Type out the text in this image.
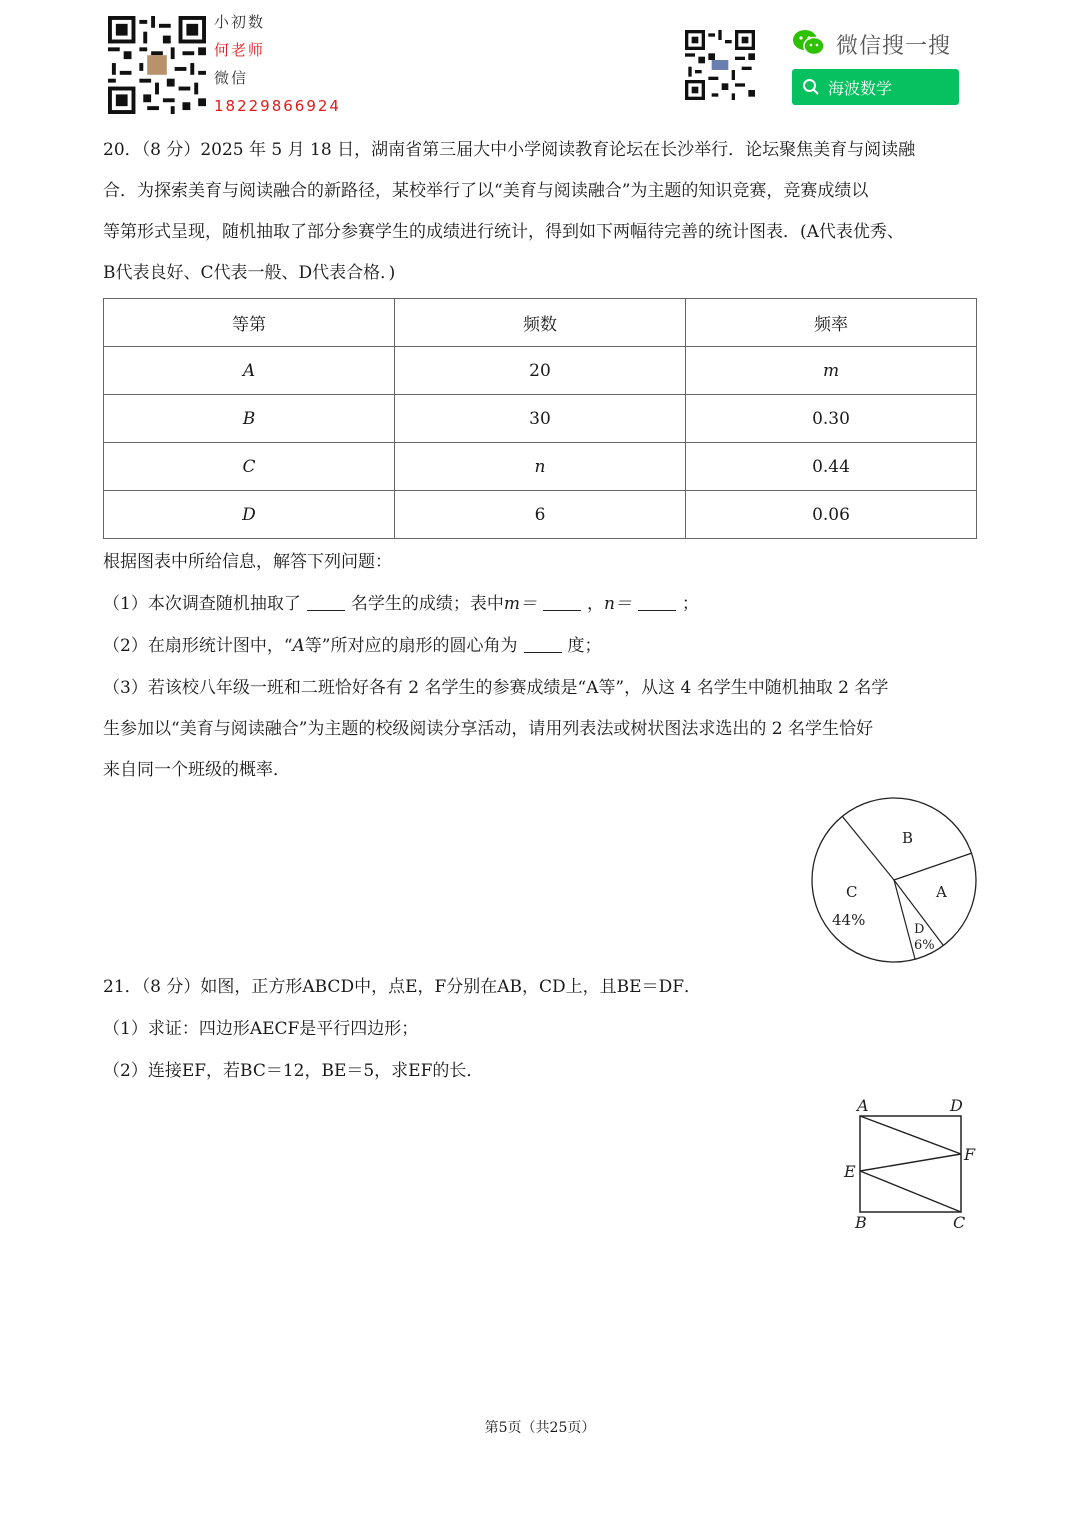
小初数
何老师
微信
18229866924
微信搜一搜
海波数学
20．（8 分）2025 年 5 月 18 日，湖南省第三届大中小学阅读教育论坛在长沙举行．论坛聚焦美育与阅读融
合．为探索美育与阅读融合的新路径，某校举行了以“美育与阅读融合”为主题的知识竞赛，竞赛成绩以
等第形式呈现，随机抽取了部分参赛学生的成绩进行统计，得到如下两幅待完善的统计图表．(A代表优秀、
B代表良好、C代表一般、D代表合格．)
等第	频数	频率
A	20	m
B	30	0.30
C	n	0.44
D	6	0.06
根据图表中所给信息，解答下列问题：
（1）本次调查随机抽取了	名学生的成绩；表中m＝	，n＝	；
（2）在扇形统计图中，“A等”所对应的扇形的圆心角为	度；
（3）若该校八年级一班和二班恰好各有 2 名学生的参赛成绩是“A等”，从这 4 名学生中随机抽取 2 名学
生参加以“美育与阅读融合”为主题的校级阅读分享活动，请用列表法或树状图法求选出的 2 名学生恰好
来自同一个班级的概率．
B
A
C
44%
D
6%
21．（8 分）如图，正方形ABCD中，点E，F分别在AB，CD上，且BE＝DF．
（1）求证：四边形AECF是平行四边形；
（2）连接EF，若BC＝12，BE＝5，求EF的长．
A	D
F
E
B	C
第5页（共25页）
